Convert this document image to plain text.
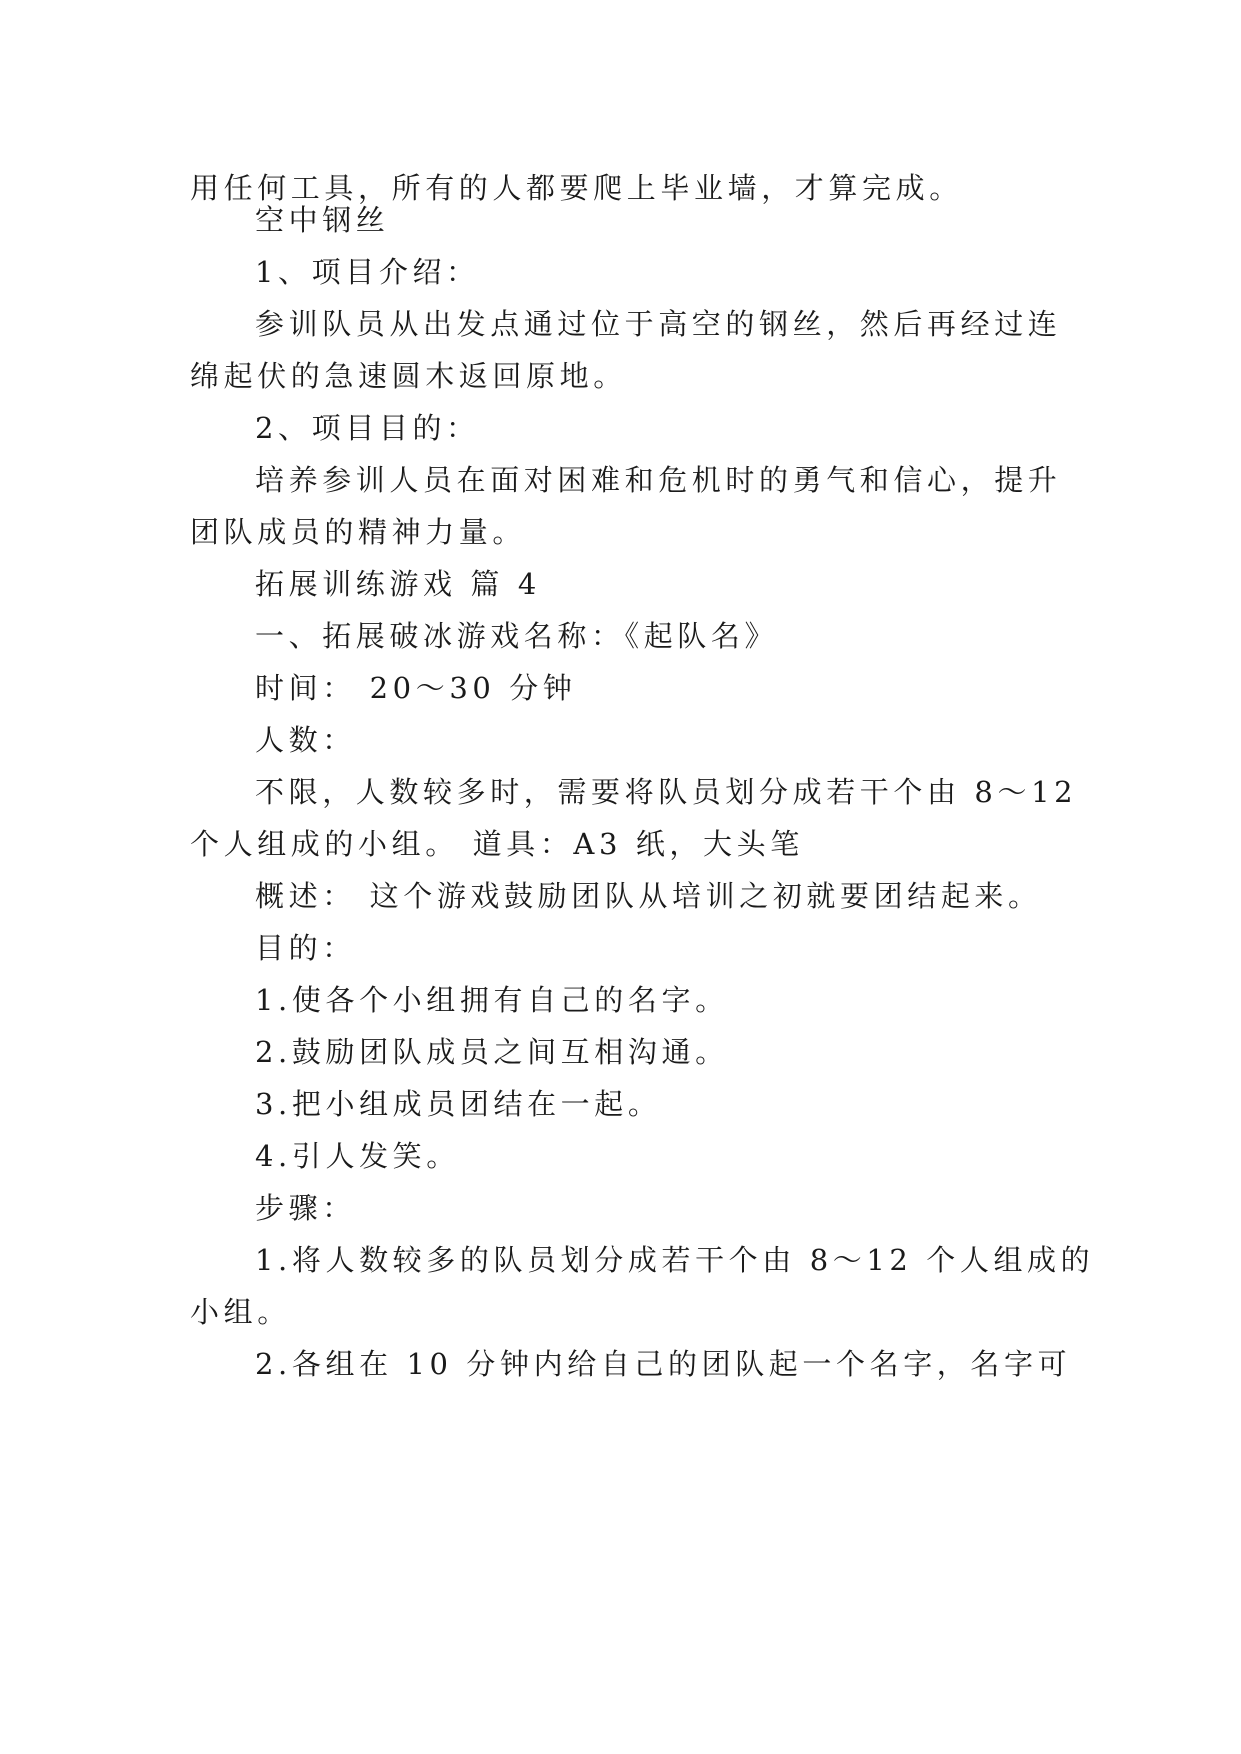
用任何工具，所有的人都要爬上毕业墙，才算完成。
空中钢丝
1、项目介绍：
参训队员从出发点通过位于高空的钢丝，然后再经过连
绵起伏的急速圆木返回原地。
2、项目目的：
培养参训人员在面对困难和危机时的勇气和信心，提升
团队成员的精神力量。
拓展训练游戏 篇 4
一、拓展破冰游戏名称：《起队名》
时间： 20～30 分钟
人数：
不限，人数较多时，需要将队员划分成若干个由 8～12
个人组成的小组。 道具：A3 纸，大头笔
概述： 这个游戏鼓励团队从培训之初就要团结起来。
目的：
1.使各个小组拥有自己的名字。
2.鼓励团队成员之间互相沟通。
3.把小组成员团结在一起。
4.引人发笑。
步骤：
1.将人数较多的队员划分成若干个由 8～12 个人组成的
小组。
2.各组在 10 分钟内给自己的团队起一个名字，名字可
